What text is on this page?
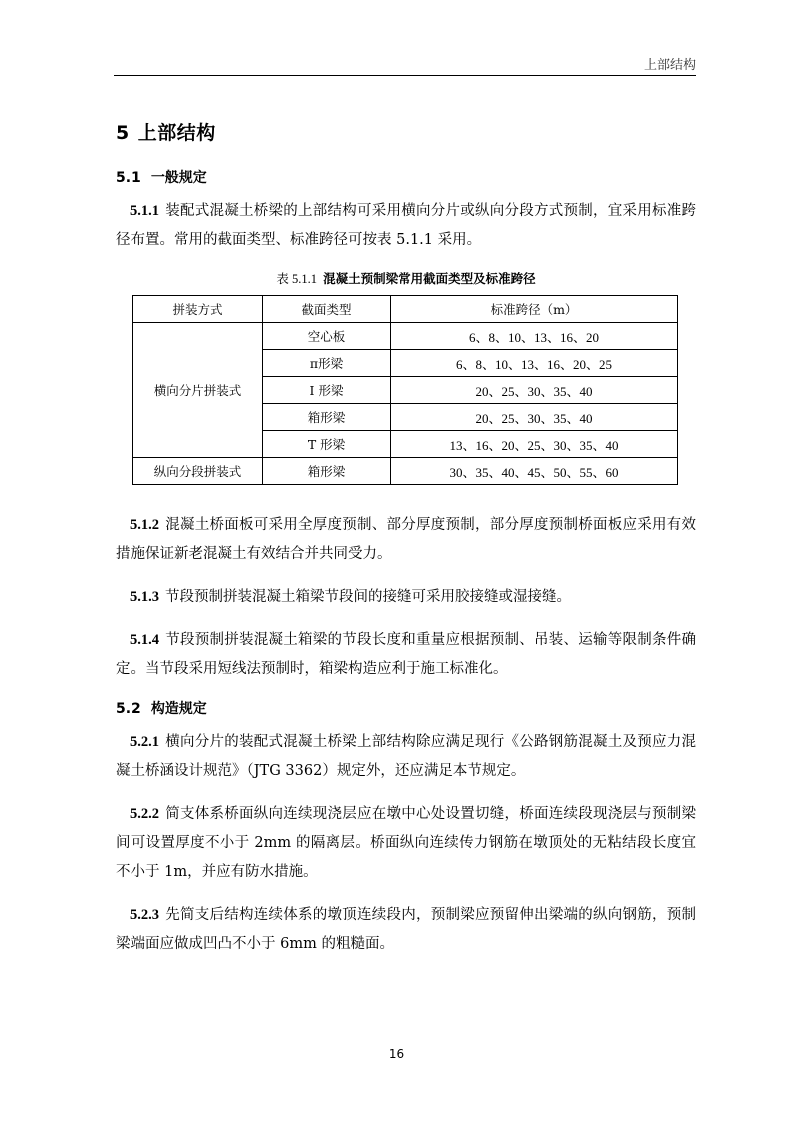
上部结构
5 上部结构
5.1 一般规定

5.1.1 装配式混凝土桥梁的上部结构可采用横向分片或纵向分段方式预制，宜采用标准跨径布置。常用的截面类型、标准跨径可按表 5.1.1 采用。

表 5.1.1 混凝土预制梁常用截面类型及标准跨径
拼装方式	截面类型	标准跨径（m）
横向分片拼装式	空心板	6、8、10、13、16、20
	π形梁	6、8、10、13、16、20、25
	I 形梁	20、25、30、35、40
	箱形梁	20、25、30、35、40
	T 形梁	13、16、20、25、30、35、40
纵向分段拼装式	箱形梁	30、35、40、45、50、55、60

5.1.2 混凝土桥面板可采用全厚度预制、部分厚度预制，部分厚度预制桥面板应采用有效措施保证新老混凝土有效结合并共同受力。

5.1.3 节段预制拼装混凝土箱梁节段间的接缝可采用胶接缝或湿接缝。

5.1.4 节段预制拼装混凝土箱梁的节段长度和重量应根据预制、吊装、运输等限制条件确定。当节段采用短线法预制时，箱梁构造应利于施工标准化。

5.2 构造规定

5.2.1 横向分片的装配式混凝土桥梁上部结构除应满足现行《公路钢筋混凝土及预应力混凝土桥涵设计规范》（JTG 3362）规定外，还应满足本节规定。

5.2.2 简支体系桥面纵向连续现浇层应在墩中心处设置切缝，桥面连续段现浇层与预制梁间可设置厚度不小于 2mm 的隔离层。桥面纵向连续传力钢筋在墩顶处的无粘结段长度宜不小于 1m，并应有防水措施。

5.2.3 先简支后结构连续体系的墩顶连续段内，预制梁应预留伸出梁端的纵向钢筋，预制梁端面应做成凹凸不小于 6mm 的粗糙面。

16
